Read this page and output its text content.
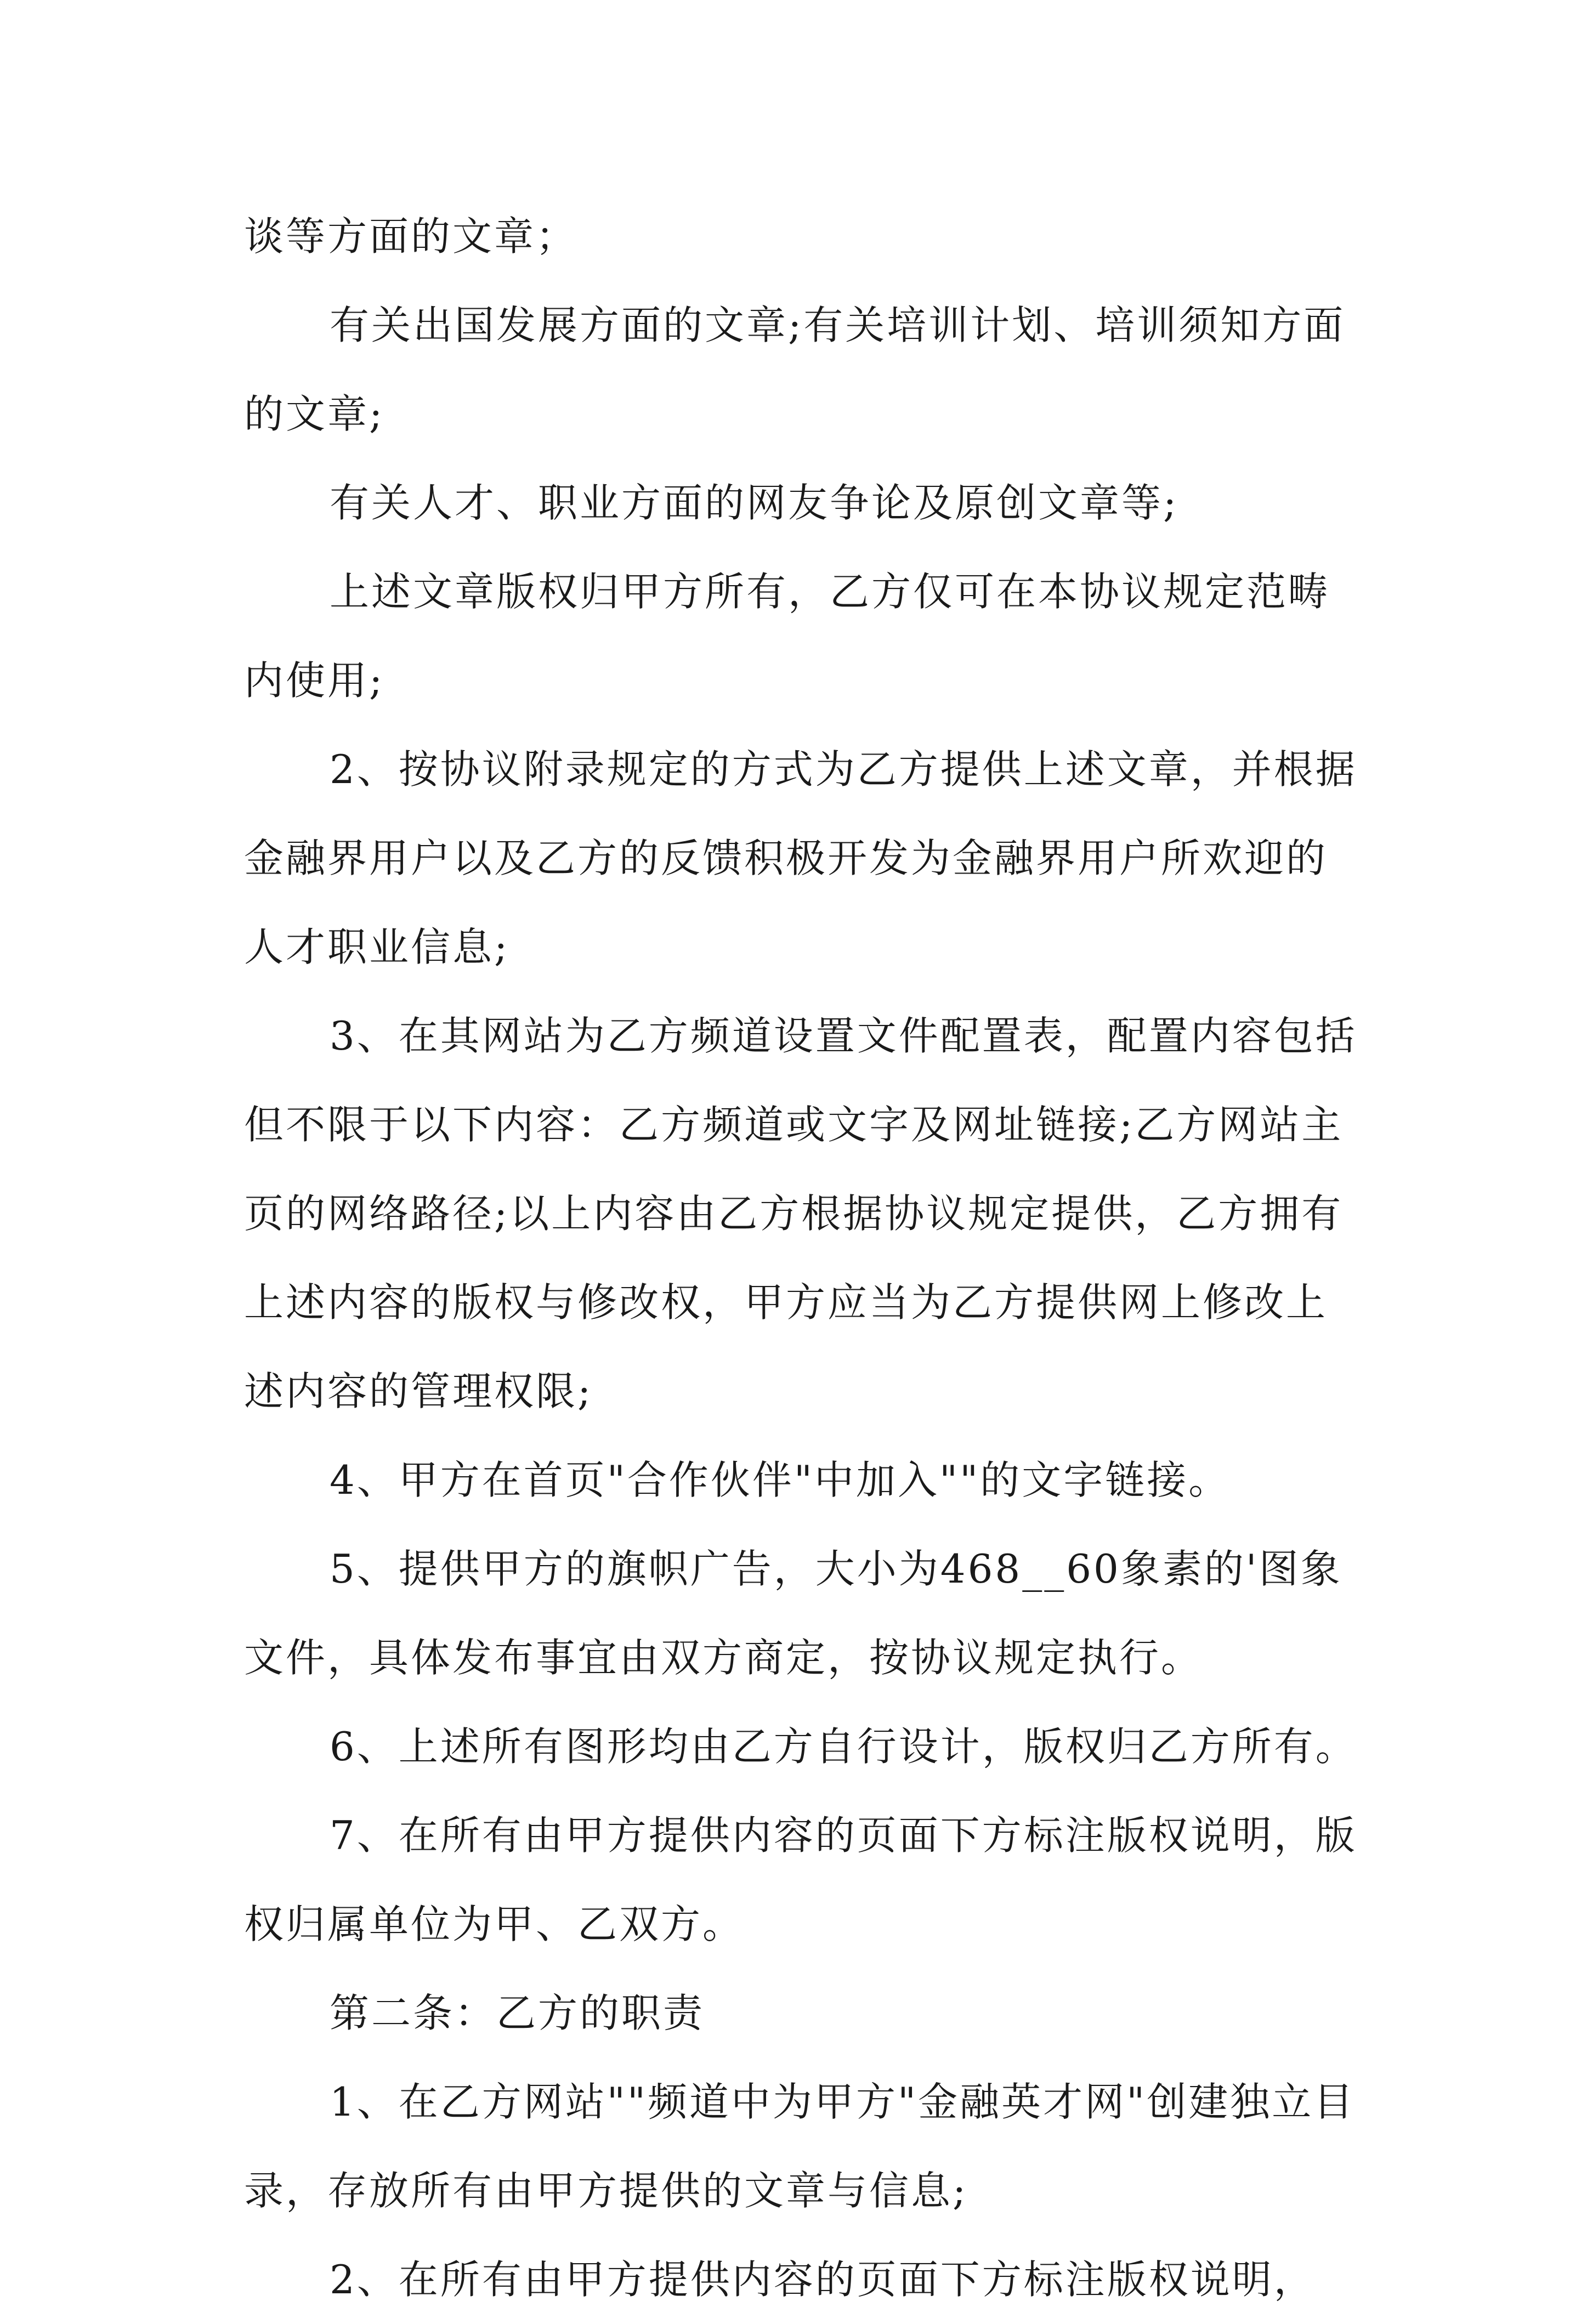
谈等方面的文章；

有关出国发展方面的文章;有关培训计划、培训须知方面的文章;

有关人才、职业方面的网友争论及原创文章等;

上述文章版权归甲方所有，乙方仅可在本协议规定范畴内使用;

2、按协议附录规定的方式为乙方提供上述文章，并根据金融界用户以及乙方的反馈积极开发为金融界用户所欢迎的人才职业信息;

3、在其网站为乙方频道设置文件配置表，配置内容包括但不限于以下内容：乙方频道或文字及网址链接;乙方网站主页的网络路径;以上内容由乙方根据协议规定提供，乙方拥有上述内容的版权与修改权，甲方应当为乙方提供网上修改上述内容的管理权限;

4、甲方在首页"合作伙伴"中加入""的文字链接。

5、提供甲方的旗帜广告，大小为468__60象素的'图象文件，具体发布事宜由双方商定，按协议规定执行。

6、上述所有图形均由乙方自行设计，版权归乙方所有。

7、在所有由甲方提供内容的页面下方标注版权说明，版权归属单位为甲、乙双方。

第二条：乙方的职责

1、在乙方网站""频道中为甲方"金融英才网"创建独立目录，存放所有由甲方提供的文章与信息;

2、在所有由甲方提供内容的页面下方标注版权说明，
